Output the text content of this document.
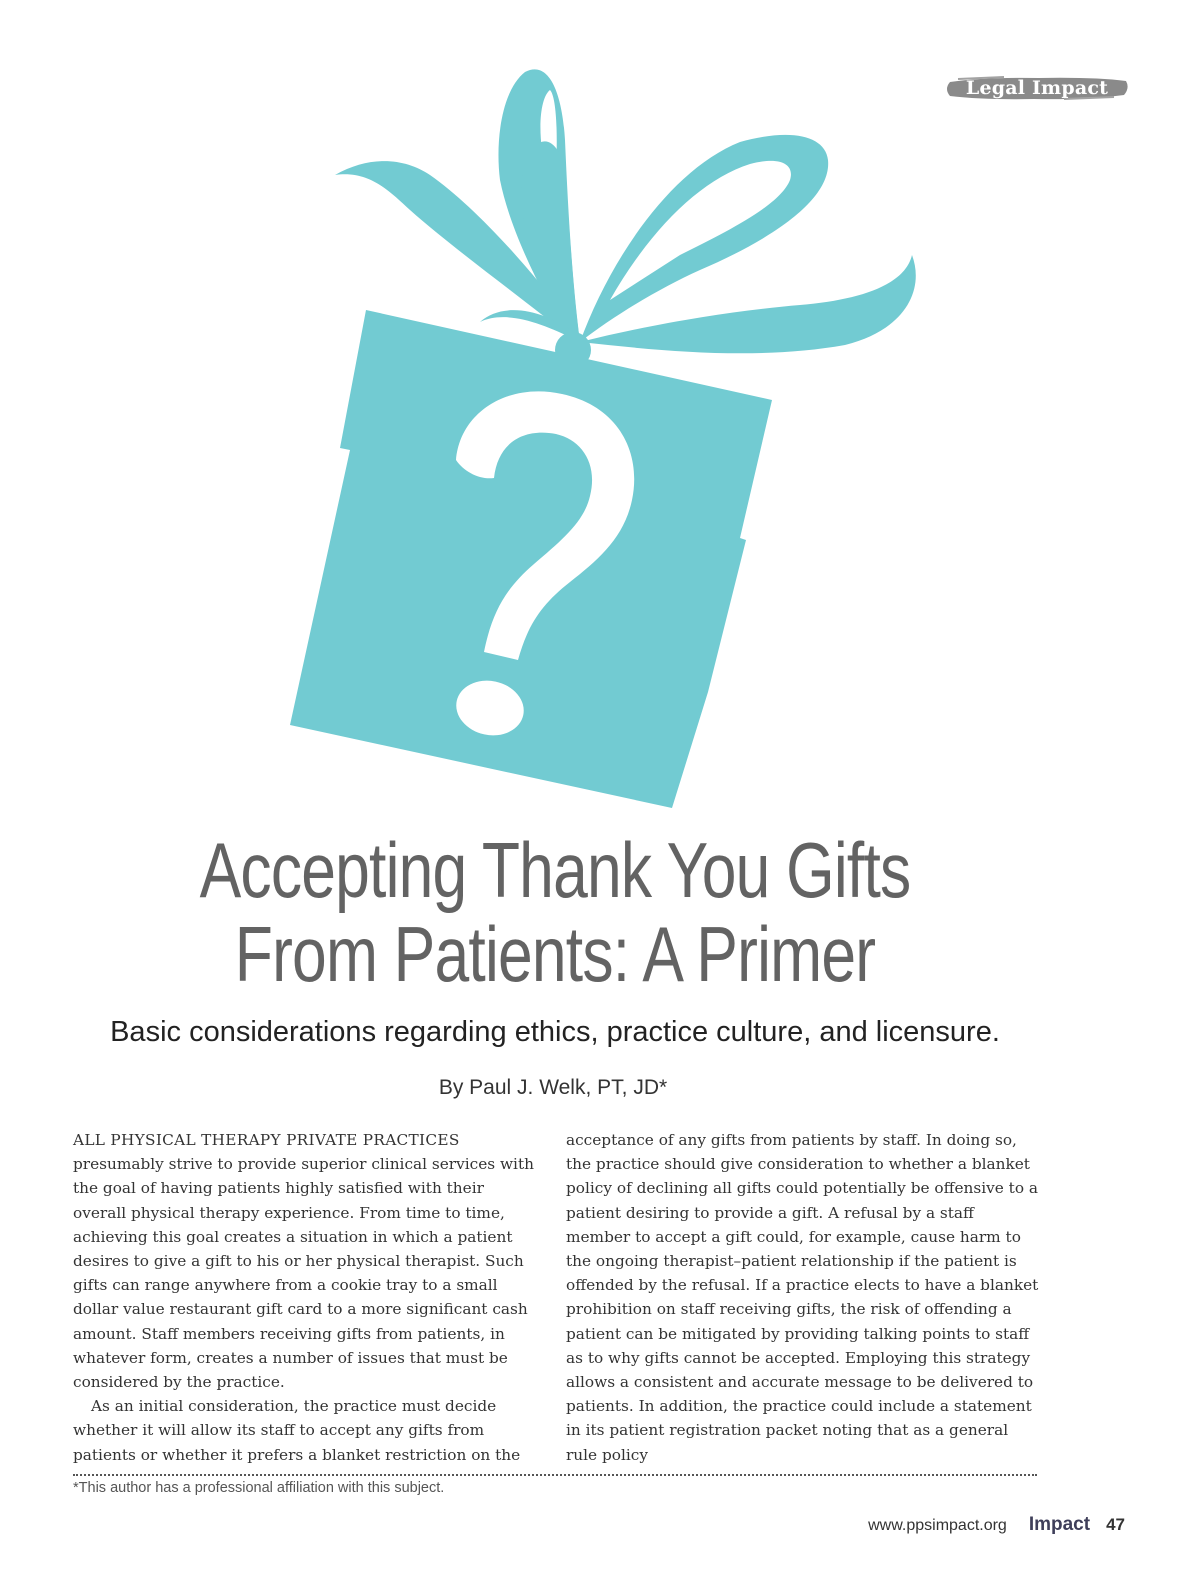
Legal Impact
Accepting Thank You Gifts
From Patients: A Primer

Basic considerations regarding ethics, practice culture, and licensure.

By Paul J. Welk, PT, JD*
ALL PHYSICAL THERAPY PRIVATE PRACTICES

presumably strive to provide superior clinical services with the goal of having patients highly satisfied with their overall physical therapy experience. From time to time, achieving this goal creates a situation in which a patient desires to give a gift to his or her physical therapist. Such gifts can range anywhere from a cookie tray to a small dollar value restaurant gift card to a more significant cash amount. Staff members receiving gifts from patients, in whatever form, creates a number of issues that must be considered by the practice.

As an initial consideration, the practice must decide whether it will allow its staff to accept any gifts from patients or whether it prefers a blanket restriction on the

acceptance of any gifts from patients by staff. In doing so, the practice should give consideration to whether a blanket policy of declining all gifts could potentially be offensive to a patient desiring to provide a gift. A refusal by a staff member to accept a gift could, for example, cause harm to the ongoing therapist–patient relationship if the patient is offended by the refusal. If a practice elects to have a blanket prohibition on staff receiving gifts, the risk of offending a patient can be mitigated by providing talking points to staff as to why gifts cannot be accepted. Employing this strategy allows a consistent and accurate message to be delivered to patients. In addition, the practice could include a statement in its patient registration packet noting that as a general rule policy

*This author has a professional affiliation with this subject.
www.ppsimpact.org Impact 47
